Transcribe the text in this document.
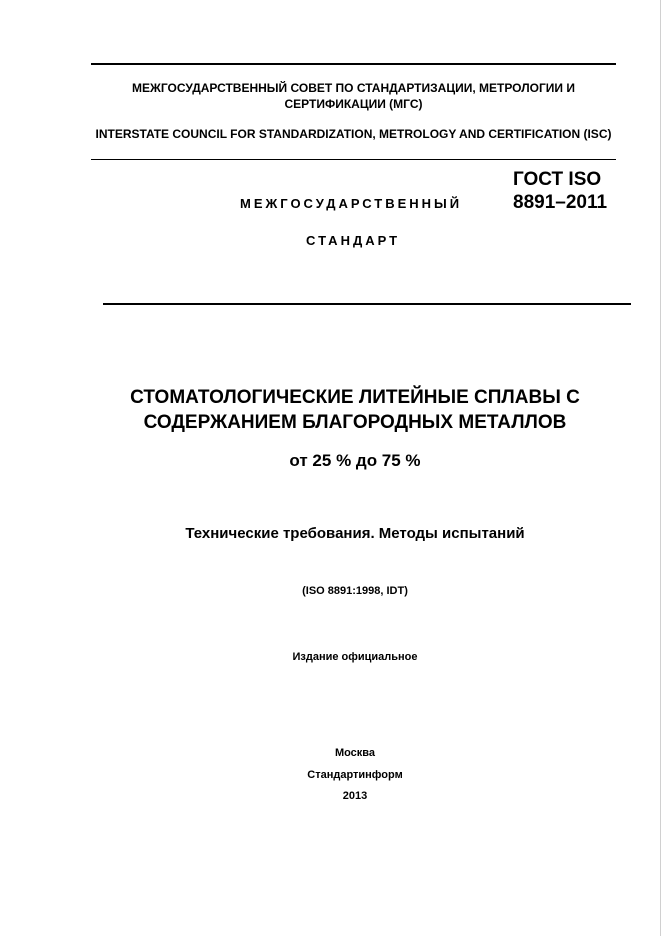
МЕЖГОСУДАРСТВЕННЫЙ СОВЕТ ПО СТАНДАРТИЗАЦИИ, МЕТРОЛОГИИ И СЕРТИФИКАЦИИ (МГС)
INTERSTATE COUNCIL FOR STANDARDIZATION, METROLOGY AND CERTIFICATION (ISC)
МЕЖГОСУДАРСТВЕННЫЙ
СТАНДАРТ
ГОСТ ISO 8891–2011
СТОМАТОЛОГИЧЕСКИЕ ЛИТЕЙНЫЕ СПЛАВЫ С СОДЕРЖАНИЕМ БЛАГОРОДНЫХ МЕТАЛЛОВ
от 25 % до 75 %
Технические требования. Методы испытаний
(ISO 8891:1998, IDT)
Издание официальное
Москва
Стандартинформ
2013
